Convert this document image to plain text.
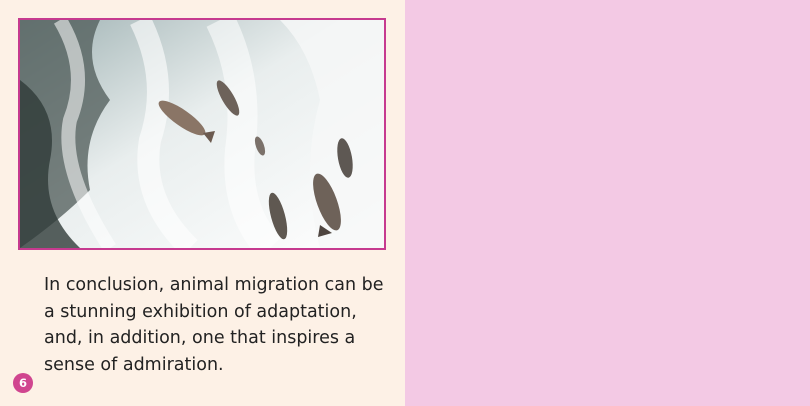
In conclusion, animal migration can be a stunning exhibition of adaptation, and, in addition, one that inspires a sense of admiration.
6
